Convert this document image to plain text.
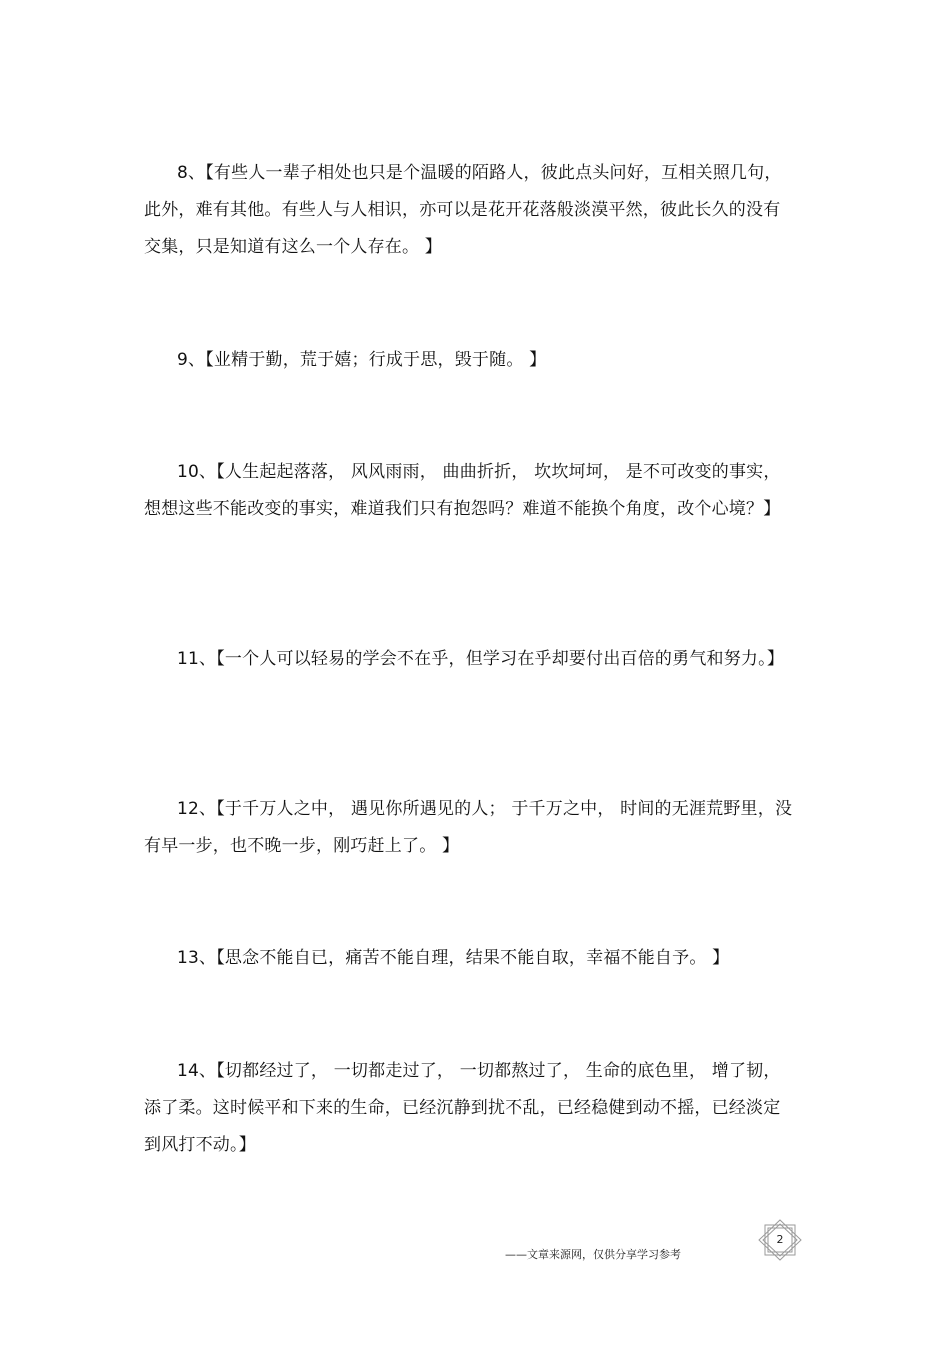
8、【有些人一辈子相处也只是个温暖的陌路人，彼此点头问好，互相关照几句，此外，难有其他。有些人与人相识，亦可以是花开花落般淡漠平然，彼此长久的没有交集，只是知道有这么一个人存在。 】

9、【业精于勤，荒于嬉；行成于思，毁于随。 】

10、【人生起起落落， 风风雨雨， 曲曲折折， 坎坎坷坷， 是不可改变的事实，想想这些不能改变的事实，难道我们只有抱怨吗？难道不能换个角度，改个心境？】

11、【一个人可以轻易的学会不在乎，但学习在乎却要付出百倍的勇气和努力。】

12、【于千万人之中， 遇见你所遇见的人； 于千万之中， 时间的无涯荒野里，没有早一步，也不晚一步，刚巧赶上了。 】

13、【思念不能自已，痛苦不能自理，结果不能自取，幸福不能自予。 】

14、【切都经过了， 一切都走过了， 一切都熬过了， 生命的底色里， 增了韧，添了柔。这时候平和下来的生命，已经沉静到扰不乱，已经稳健到动不摇，已经淡定到风打不动。】

——文章来源网，仅供分享学习参考
2
